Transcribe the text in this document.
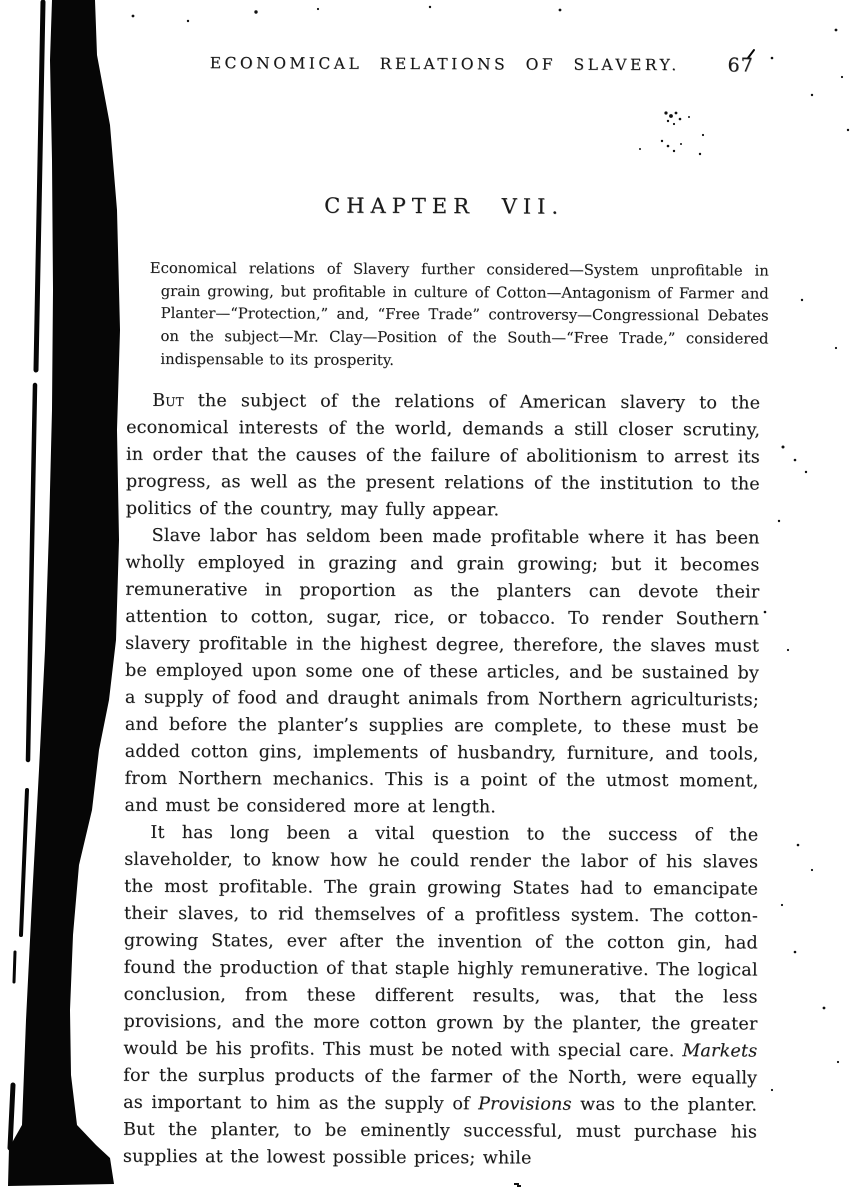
ECONOMICAL RELATIONS OF SLAVERY.	67
CHAPTER VII.
Economical relations of Slavery further considered—System unprofitable in grain growing, but profitable in culture of Cotton—Antagonism of Farmer and Planter—“Protection,” and, “Free Trade” controversy—Congressional Debates on the subject—Mr. Clay—Position of the South—“Free Trade,” considered indispensable to its prosperity.

But the subject of the relations of American slavery to the economical interests of the world, demands a still closer scrutiny, in order that the causes of the failure of abolitionism to arrest its progress, as well as the present relations of the institution to the politics of the country, may fully appear.

Slave labor has seldom been made profitable where it has been wholly employed in grazing and grain growing; but it becomes remunerative in proportion as the planters can devote their attention to cotton, sugar, rice, or tobacco. To render Southern slavery profitable in the highest degree, therefore, the slaves must be employed upon some one of these articles, and be sustained by a supply of food and draught animals from Northern agriculturists; and before the planter’s supplies are complete, to these must be added cotton gins, implements of husbandry, furniture, and tools, from Northern mechanics. This is a point of the utmost moment, and must be considered more at length.

It has long been a vital question to the success of the slaveholder, to know how he could render the labor of his slaves the most profitable. The grain growing States had to emancipate their slaves, to rid themselves of a profitless system. The cotton-growing States, ever after the invention of the cotton gin, had found the production of that staple highly remunerative. The logical conclusion, from these different results, was, that the less provisions, and the more cotton grown by the planter, the greater would be his profits. This must be noted with special care. Markets for the surplus products of the farmer of the North, were equally as important to him as the supply of Provisions was to the planter. But the planter, to be eminently successful, must purchase his supplies at the lowest possible prices; while
